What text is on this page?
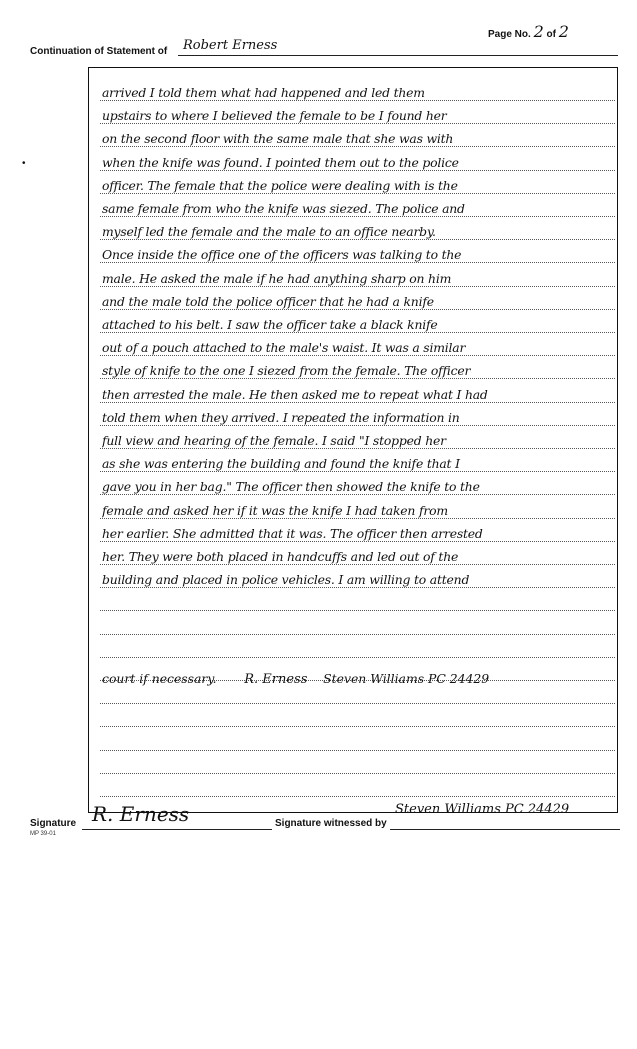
Page No. 2 of 2
Continuation of Statement of Robert Erness
•
arrived I told them what had happened and led them
upstairs to where I believed the female to be I found her
on the second floor with the same male that she was with
when the knife was found. I pointed them out to the police
officer. The female that the police were dealing with is the
same female from who the knife was siezed. The police and
myself led the female and the male to an office nearby.
Once inside the office one of the officers was talking to the
male. He asked the male if he had anything sharp on him
and the male told the police officer that he had a knife
attached to his belt. I saw the officer take a black knife
out of a pouch attached to the male's waist. It was a similar
style of knife to the one I siezed from the female. The officer
then arrested the male. He then asked me to repeat what I had
told them when they arrived. I repeated the information in
full view and hearing of the female. I said "I stopped her
as she was entering the building and found the knife that I
gave you in her bag." The officer then showed the knife to the
female and asked her if it was the knife I had taken from
her earlier. She admitted that it was. The officer then arrested
her. They were both placed in handcuffs and led out of the
building and placed in police vehicles. I am willing to attend
court if necessary. R. Erness Steven Williams PC 24429
Signature R. Erness
MP 39-01
Signature witnessed by
Steven Williams PC 24429
